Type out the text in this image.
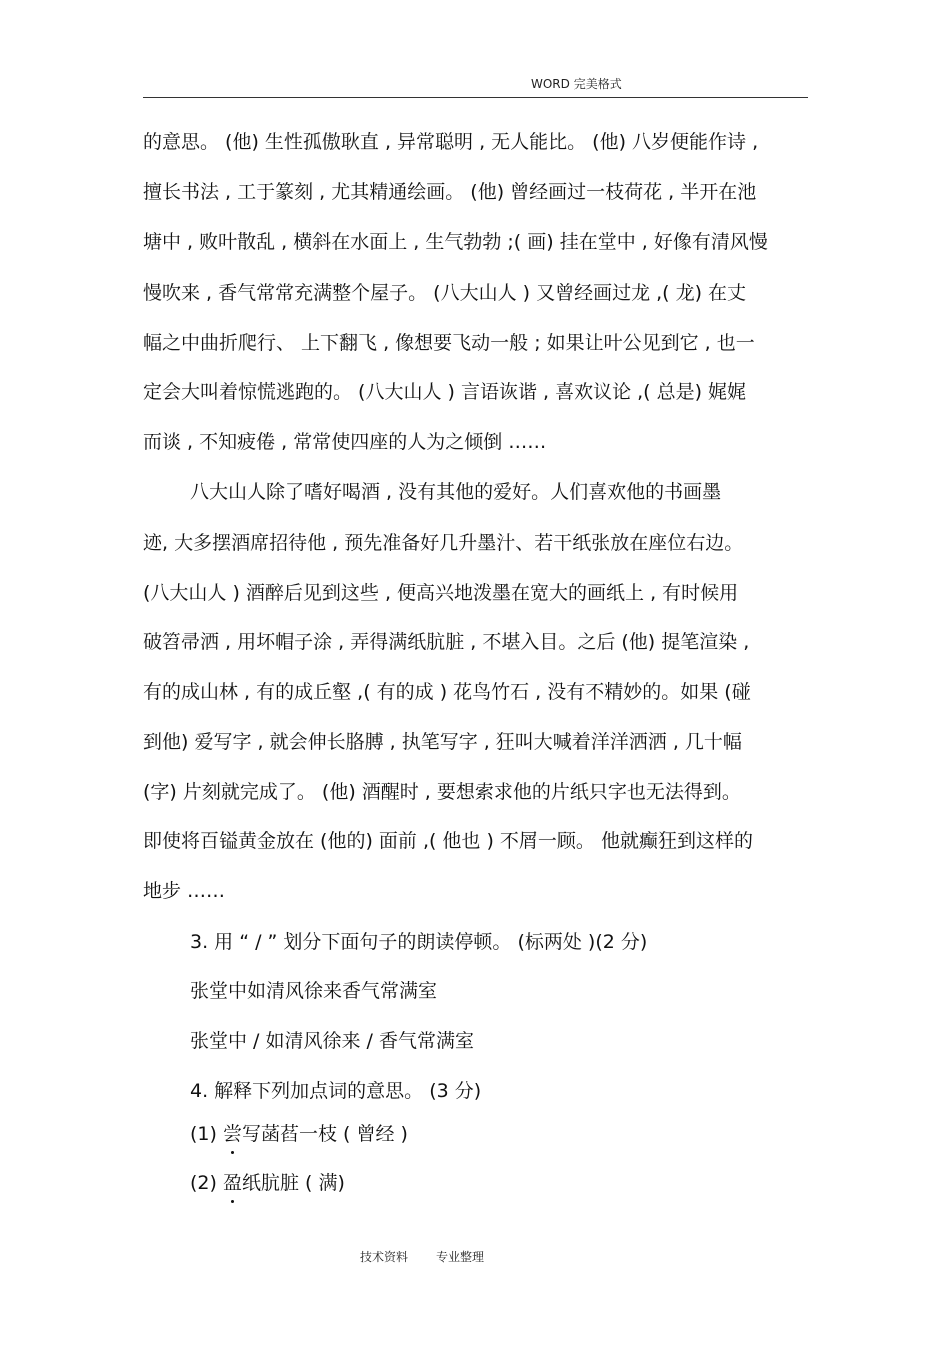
WORD 完美格式
的意思。 (他) 生性孤傲耿直 , 异常聪明 , 无人能比。 (他) 八岁便能作诗 ,
擅长书法 , 工于篆刻 , 尤其精通绘画。 (他) 曾经画过一枝荷花 , 半开在池
塘中 , 败叶散乱 , 横斜在水面上 , 生气勃勃 ;( 画) 挂在堂中 , 好像有清风慢
慢吹来 , 香气常常充满整个屋子。 (八大山人 ) 又曾经画过龙 ,( 龙) 在丈
幅之中曲折爬行、 上下翻飞 , 像想要飞动一般 ; 如果让叶公见到它 , 也一
定会大叫着惊慌逃跑的。 (八大山人 ) 言语诙谐 , 喜欢议论 ,( 总是) 娓娓
而谈 , 不知疲倦 , 常常使四座的人为之倾倒 ……
八大山人除了嗜好喝酒 , 没有其他的爱好。人们喜欢他的书画墨
迹, 大多摆酒席招待他 , 预先准备好几升墨汁、若干纸张放在座位右边。
(八大山人 ) 酒醉后见到这些 , 便高兴地泼墨在宽大的画纸上 , 有时候用
破笤帚洒 , 用坏帽子涂 , 弄得满纸肮脏 , 不堪入目。之后 (他) 提笔渲染 ,
有的成山林 , 有的成丘壑 ,( 有的成 ) 花鸟竹石 , 没有不精妙的。如果 (碰
到他) 爱写字 , 就会伸长胳膊 , 执笔写字 , 狂叫大喊着洋洋洒洒 , 几十幅
(字) 片刻就完成了。 (他) 酒醒时 , 要想索求他的片纸只字也无法得到。
即使将百镒黄金放在 (他的) 面前 ,( 他也 ) 不屑一顾。 他就癫狂到这样的
地步 ……
3. 用 “ / ” 划分下面句子的朗读停顿。 (标两处 )(2 分)
张堂中如清风徐来香气常满室
张堂中 / 如清风徐来 / 香气常满室
4. 解释下列加点词的意思。 (3 分)
(1) 尝写菡萏一枝 ( 曾经 )
(2) 盈纸肮脏 ( 满)
技术资料 专业整理
